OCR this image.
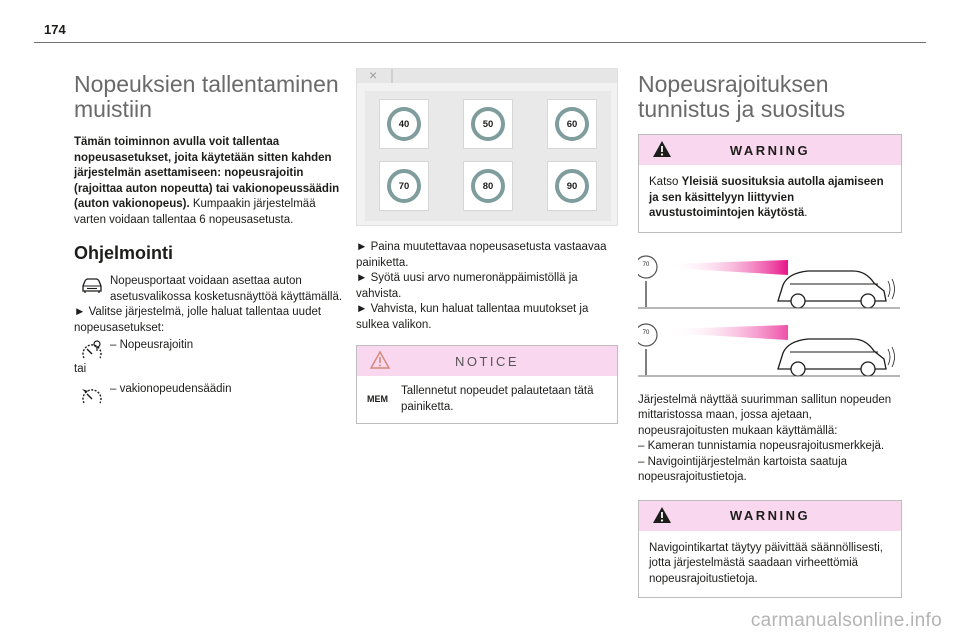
174
Nopeuksien tallentaminen muistiin
Tämän toiminnon avulla voit tallentaa nopeusasetukset, joita käytetään sitten kahden järjestelmän asettamiseen: nopeusrajoitin (rajoittaa auton nopeutta) tai vakionopeussäädin (auton vakionopeus). Kumpaakin järjestelmää varten voidaan tallentaa 6 nopeusasetusta.
Ohjelmointi
Nopeusportaat voidaan asettaa auton asetusvalikossa kosketusnäyttöä käyttämällä.
► Valitse järjestelmä, jolle haluat tallentaa uudet nopeusasetukset:
– Nopeusrajoitin
tai
– vakionopeudensäädin
×
40	50	60
70	80	90
► Paina muutettavaa nopeusasetusta vastaavaa painiketta.
► Syötä uusi arvo numeronäppäimistöllä ja vahvista.
► Vahvista, kun haluat tallentaa muutokset ja sulkea valikon.
NOTICE
MEM
Tallennetut nopeudet palautetaan tätä painiketta.
Nopeusrajoituksen tunnistus ja suositus
WARNING
Katso Yleisiä suosituksia autolla ajamiseen ja sen käsittelyyn liittyvien avustustoimintojen käytöstä.
70
70
Järjestelmä näyttää suurimman sallitun nopeuden mittaristossa maan, jossa ajetaan, nopeusrajoitusten mukaan käyttämällä:
– Kameran tunnistamia nopeusrajoitusmerkkejä.
– Navigointijärjestelmän kartoista saatuja nopeusrajoitustietoja.
WARNING
Navigointikartat täytyy päivittää säännöllisesti, jotta järjestelmästä saadaan virheettömiä nopeusrajoitustietoja.
carmanualsonline.info
